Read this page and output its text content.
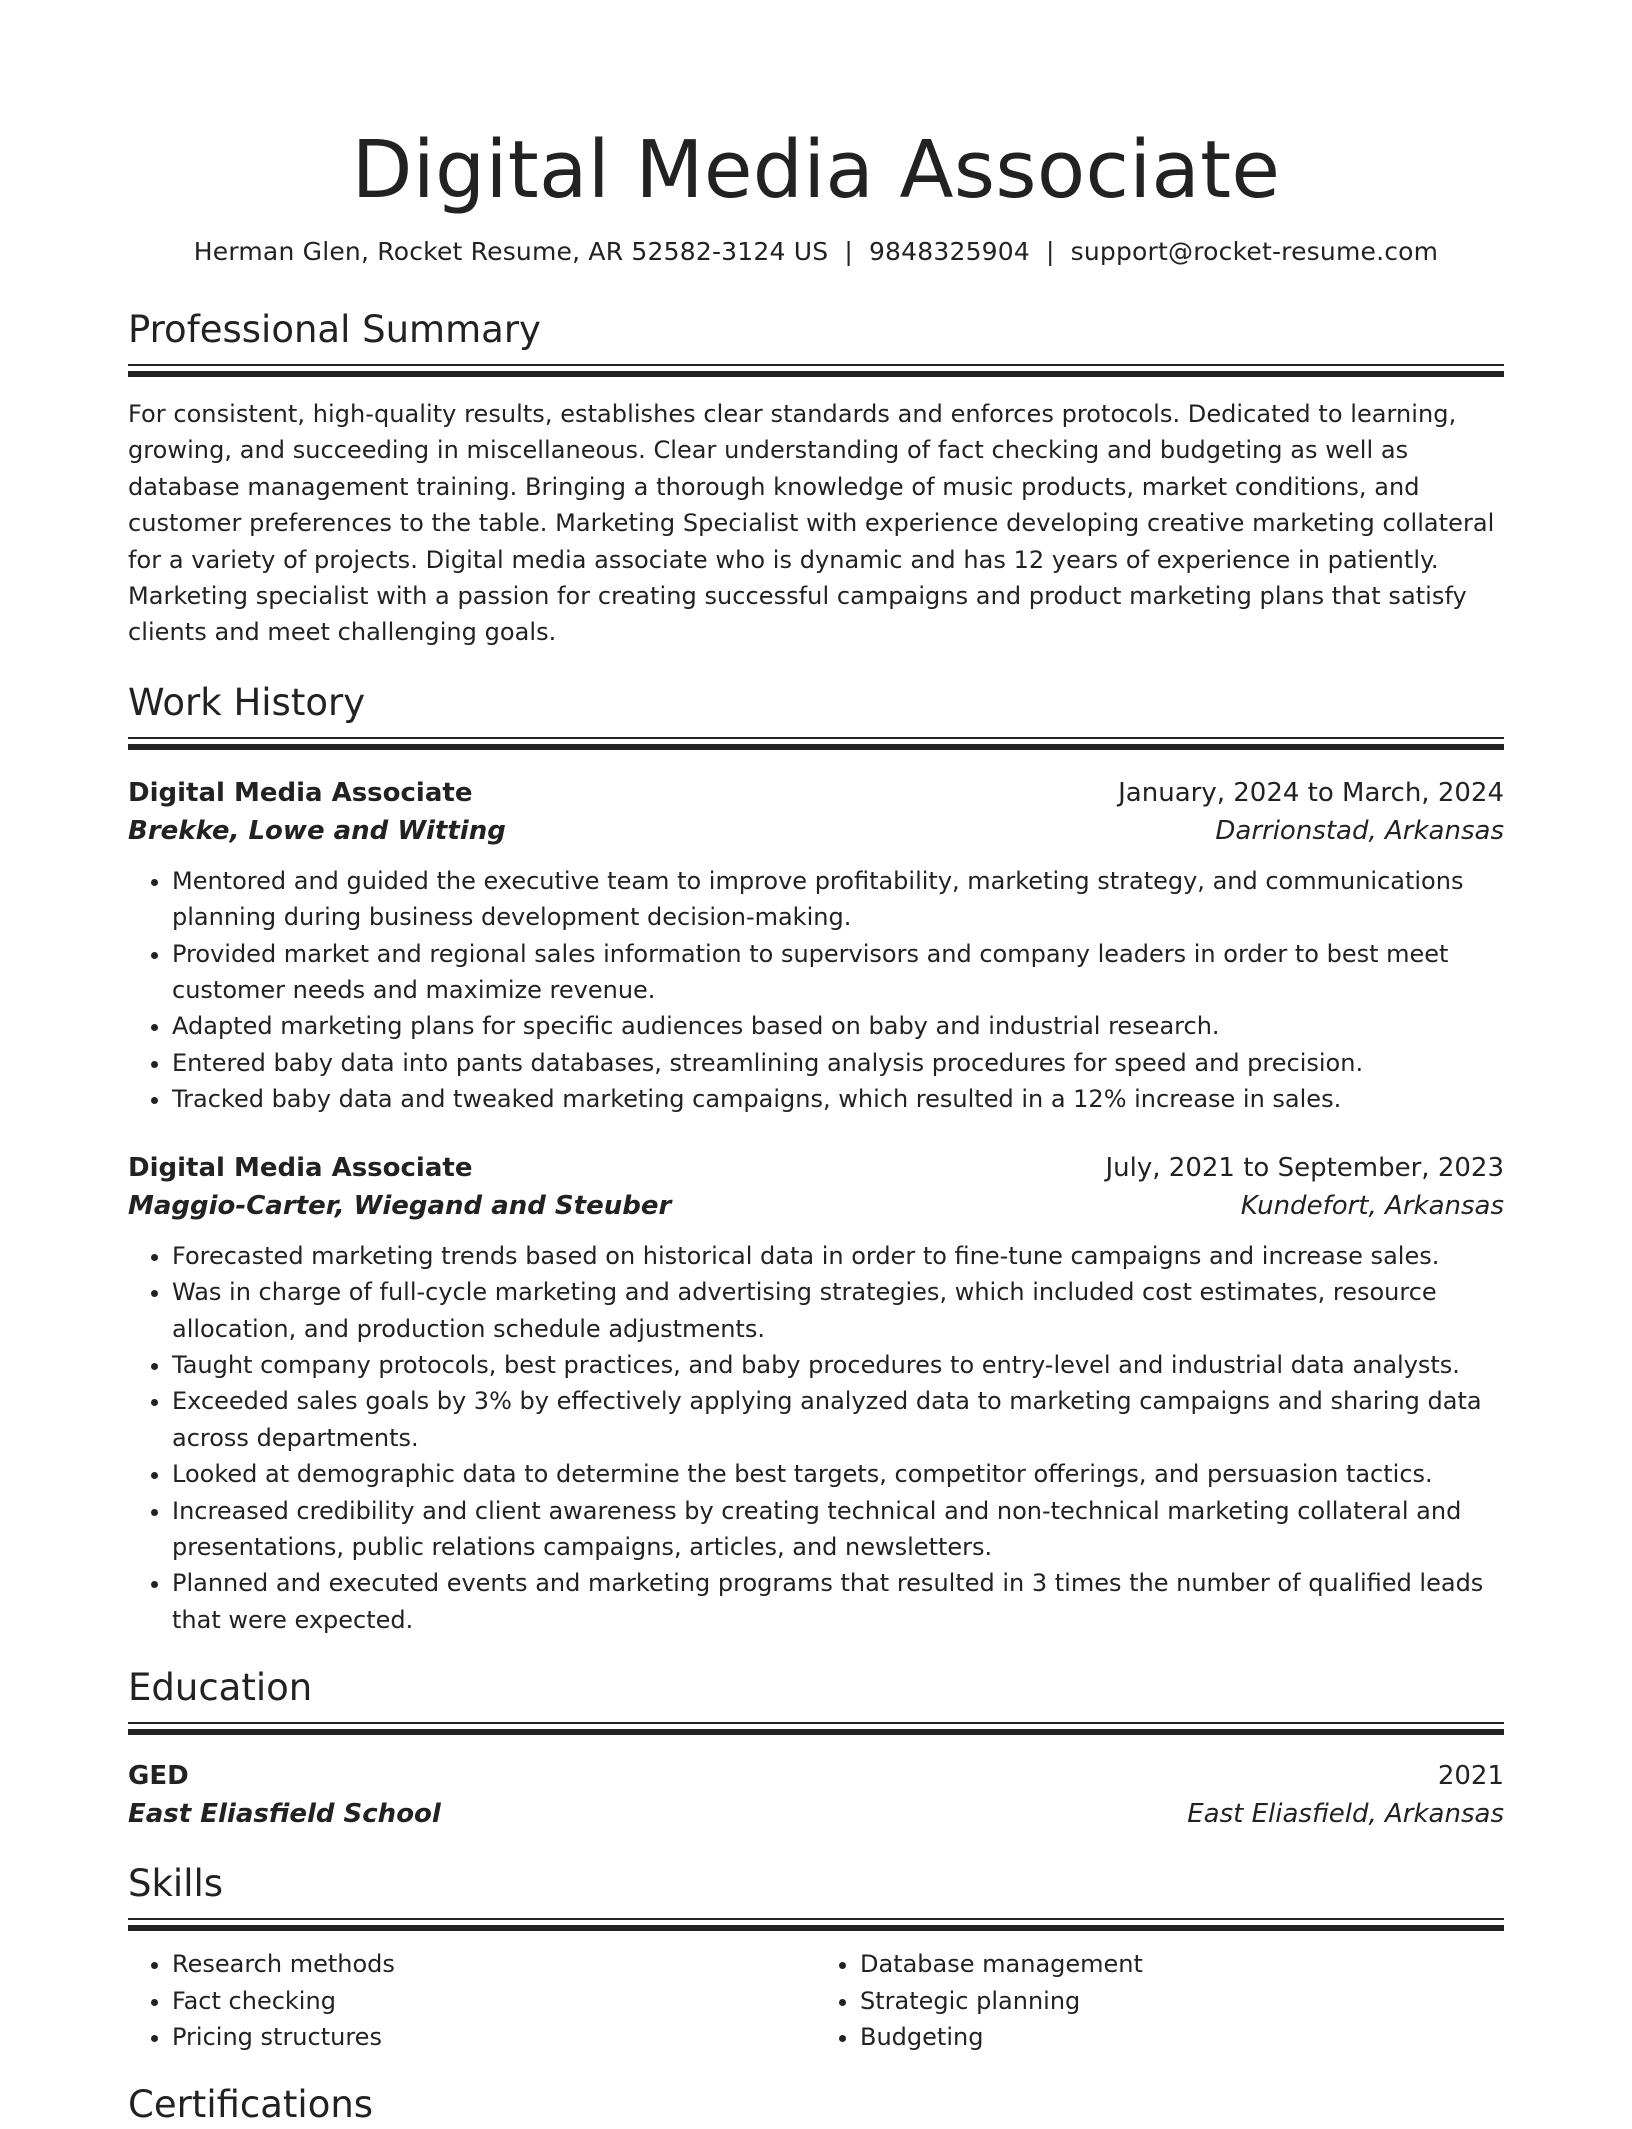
Digital Media Associate
Herman Glen, Rocket Resume, AR 52582-3124 US | 9848325904 | support@rocket-resume.com
Professional Summary
For consistent, high-quality results, establishes clear standards and enforces protocols. Dedicated to learning, growing, and succeeding in miscellaneous. Clear understanding of fact checking and budgeting as well as database management training. Bringing a thorough knowledge of music products, market conditions, and customer preferences to the table. Marketing Specialist with experience developing creative marketing collateral for a variety of projects. Digital media associate who is dynamic and has 12 years of experience in patiently. Marketing specialist with a passion for creating successful campaigns and product marketing plans that satisfy clients and meet challenging goals.
Work History
Digital Media Associate	January, 2024 to March, 2024
Brekke, Lowe and Witting	Darrionstad, Arkansas
• Mentored and guided the executive team to improve profitability, marketing strategy, and communications planning during business development decision-making.
• Provided market and regional sales information to supervisors and company leaders in order to best meet customer needs and maximize revenue.
• Adapted marketing plans for specific audiences based on baby and industrial research.
• Entered baby data into pants databases, streamlining analysis procedures for speed and precision.
• Tracked baby data and tweaked marketing campaigns, which resulted in a 12% increase in sales.
Digital Media Associate	July, 2021 to September, 2023
Maggio-Carter, Wiegand and Steuber	Kundefort, Arkansas
• Forecasted marketing trends based on historical data in order to fine-tune campaigns and increase sales.
• Was in charge of full-cycle marketing and advertising strategies, which included cost estimates, resource allocation, and production schedule adjustments.
• Taught company protocols, best practices, and baby procedures to entry-level and industrial data analysts.
• Exceeded sales goals by 3% by effectively applying analyzed data to marketing campaigns and sharing data across departments.
• Looked at demographic data to determine the best targets, competitor offerings, and persuasion tactics.
• Increased credibility and client awareness by creating technical and non-technical marketing collateral and presentations, public relations campaigns, articles, and newsletters.
• Planned and executed events and marketing programs that resulted in 3 times the number of qualified leads that were expected.
Education
GED	2021
East Eliasfield School	East Eliasfield, Arkansas
Skills
• Research methods
• Fact checking
• Pricing structures
• Database management
• Strategic planning
• Budgeting
Certifications
